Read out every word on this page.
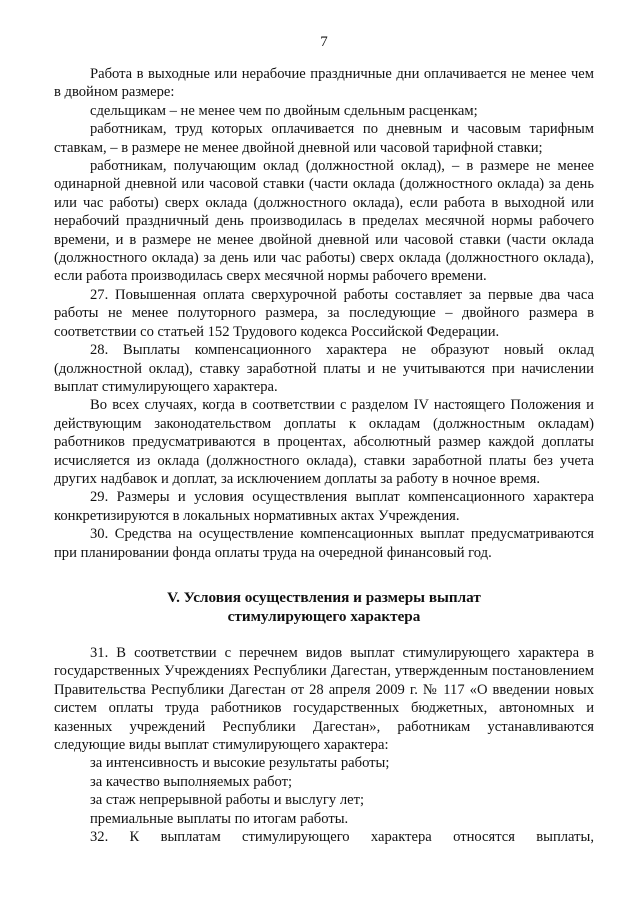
7

Работа в выходные или нерабочие праздничные дни оплачивается не менее чем в двойном размере:

сдельщикам – не менее чем по двойным сдельным расценкам;

работникам, труд которых оплачивается по дневным и часовым тарифным ставкам, – в размере не менее двойной дневной или часовой тарифной ставки;

работникам, получающим оклад (должностной оклад), – в размере не менее одинарной дневной или часовой ставки (части оклада (должностного оклада) за день или час работы) сверх оклада (должностного оклада), если работа в выходной или нерабочий праздничный день производилась в пределах месячной нормы рабочего времени, и в размере не менее двойной дневной или часовой ставки (части оклада (должностного оклада) за день или час работы) сверх оклада (должностного оклада), если работа производилась сверх месячной нормы рабочего времени.

27. Повышенная оплата сверхурочной работы составляет за первые два часа работы не менее полуторного размера, за последующие – двойного размера в соответствии со статьей 152 Трудового кодекса Российской Федерации.

28. Выплаты компенсационного характера не образуют новый оклад (должностной оклад), ставку заработной платы и не учитываются при начислении выплат стимулирующего характера.

Во всех случаях, когда в соответствии с разделом IV настоящего Положения и действующим законодательством доплаты к окладам (должностным окладам) работников предусматриваются в процентах, абсолютный размер каждой доплаты исчисляется из оклада (должностного оклада), ставки заработной платы без учета других надбавок и доплат, за исключением доплаты за работу в ночное время.

29. Размеры и условия осуществления выплат компенсационного характера конкретизируются в локальных нормативных актах Учреждения.

30. Средства на осуществление компенсационных выплат предусматриваются при планировании фонда оплаты труда на очередной финансовый год.

V. Условия осуществления и размеры выплат

стимулирующего характера

31. В соответствии с перечнем видов выплат стимулирующего характера в государственных Учреждениях Республики Дагестан, утвержденным постановлением Правительства Республики Дагестан от 28 апреля 2009 г. № 117 «О введении новых систем оплаты труда работников государственных бюджетных, автономных и казенных учреждений Республики Дагестан», работникам устанавливаются следующие виды выплат стимулирующего характера:

за интенсивность и высокие результаты работы;

за качество выполняемых работ;

за стаж непрерывной работы и выслугу лет;

премиальные выплаты по итогам работы.

32. К выплатам стимулирующего характера относятся выплаты,
